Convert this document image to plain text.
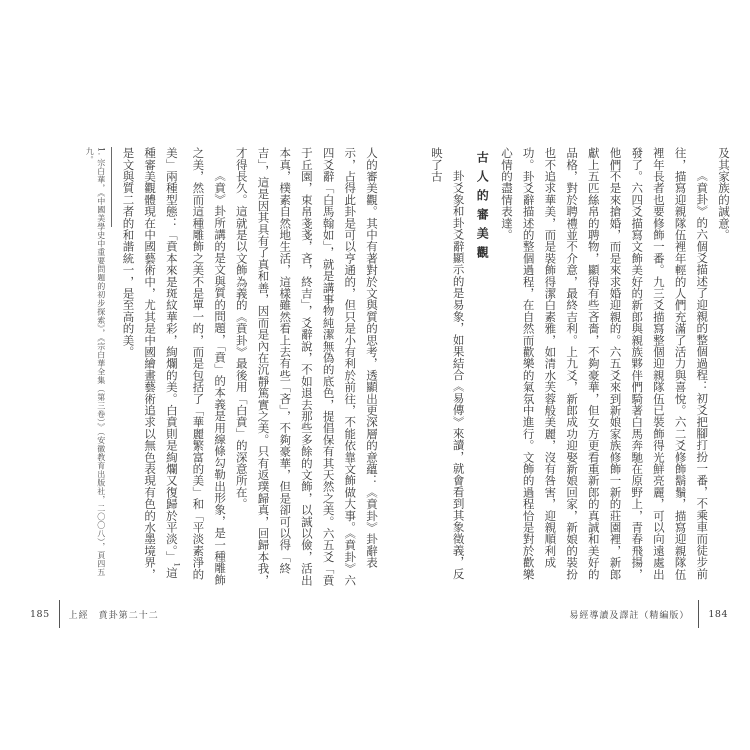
及其家族的誠意。

《賁卦》的六個爻描述了迎親的整個過程：初爻把腳打扮一番，不乘車而徒步前往，描寫迎親隊伍裡年輕的人們充滿了活力與喜悅。六二爻修飾鬍鬚，描寫迎親隊伍裡年長者也要修飾一番。九三爻描寫整個迎親隊伍已裝飾得光鮮亮麗，可以向遠處出發了。六四爻描寫文飾美好的新郎與親族夥伴們騎著白馬奔馳在原野上，青春飛揚，他們不是來搶婚，而是來求婚迎親的。六五爻來到新娘家族修飾一新的莊園裡，新郎獻上五匹絲帛的聘物，顯得有些吝嗇，不夠豪華，但女方更看重新郎的真誠和美好的品格，對於聘禮並不介意，最終吉利。上九爻，新郎成功迎娶新娘回家，新娘的裝扮也不追求華美，而是裝飾得潔白素雅，如清水芙蓉般美麗，沒有咎害，迎親順利成功。卦爻辭描述的整個過程，在自然而歡樂的氣氛中進行。文飾的過程恰是對於歡樂心情的盡情表達。

古人的審美觀

卦爻象和卦爻辭顯示的是易象，如果結合《易傳》來讀，就會看到其象徵義，反映了古

易經導讀及譯註（精編版） 184

人的審美觀。其中有著對於文與質的思考，透顯出更深層的意蘊：《賁卦》卦辭表示，占得此卦是可以亨通的，但只是小有利於前往，不能依靠文飾做大事。《賁卦》六四爻辭「白馬翰如」，就是講事物純潔無偽的底色，提倡保有其天然之美。六五爻「賁于丘園，束帛戔戔，吝，終吉」，爻辭說，不如退去那些多餘的文飾，以誠以儉，活出本真，樸素自然地生活，這樣雖然看上去有些「吝」，不夠豪華，但是卻可以得「終吉」，這是因其具有了真和善，因而是內在沉靜篤實之美。只有返璞歸真，回歸本我，才得長久。這就是以文飾為義的《賁卦》最後用「白賁」的深意所在。

《賁》卦所講的是文與質的問題，「賁」的本義是用線條勾勒出形象，是一種雕飾之美，然而這種雕飾之美不是單一的，而是包括了「華麗繁富的美」和「平淡素淨的美」兩種型態：「賁本來是斑紋華彩，絢爛的美。白賁則是絢爛又復歸於平淡。」$^1$這種審美觀體現在中國藝術中，尤其是中國繪畫藝術追求以無色表現有色的水墨境界，是文與質二者的和諧統一，是至高的美。

1. 宗白華，《中國美學史中重要問題的初步探索》，《宗白華全集（第三卷）》（安徽教育出版社，二〇〇八），頁四五九。

185 上經　賁卦第二十二
